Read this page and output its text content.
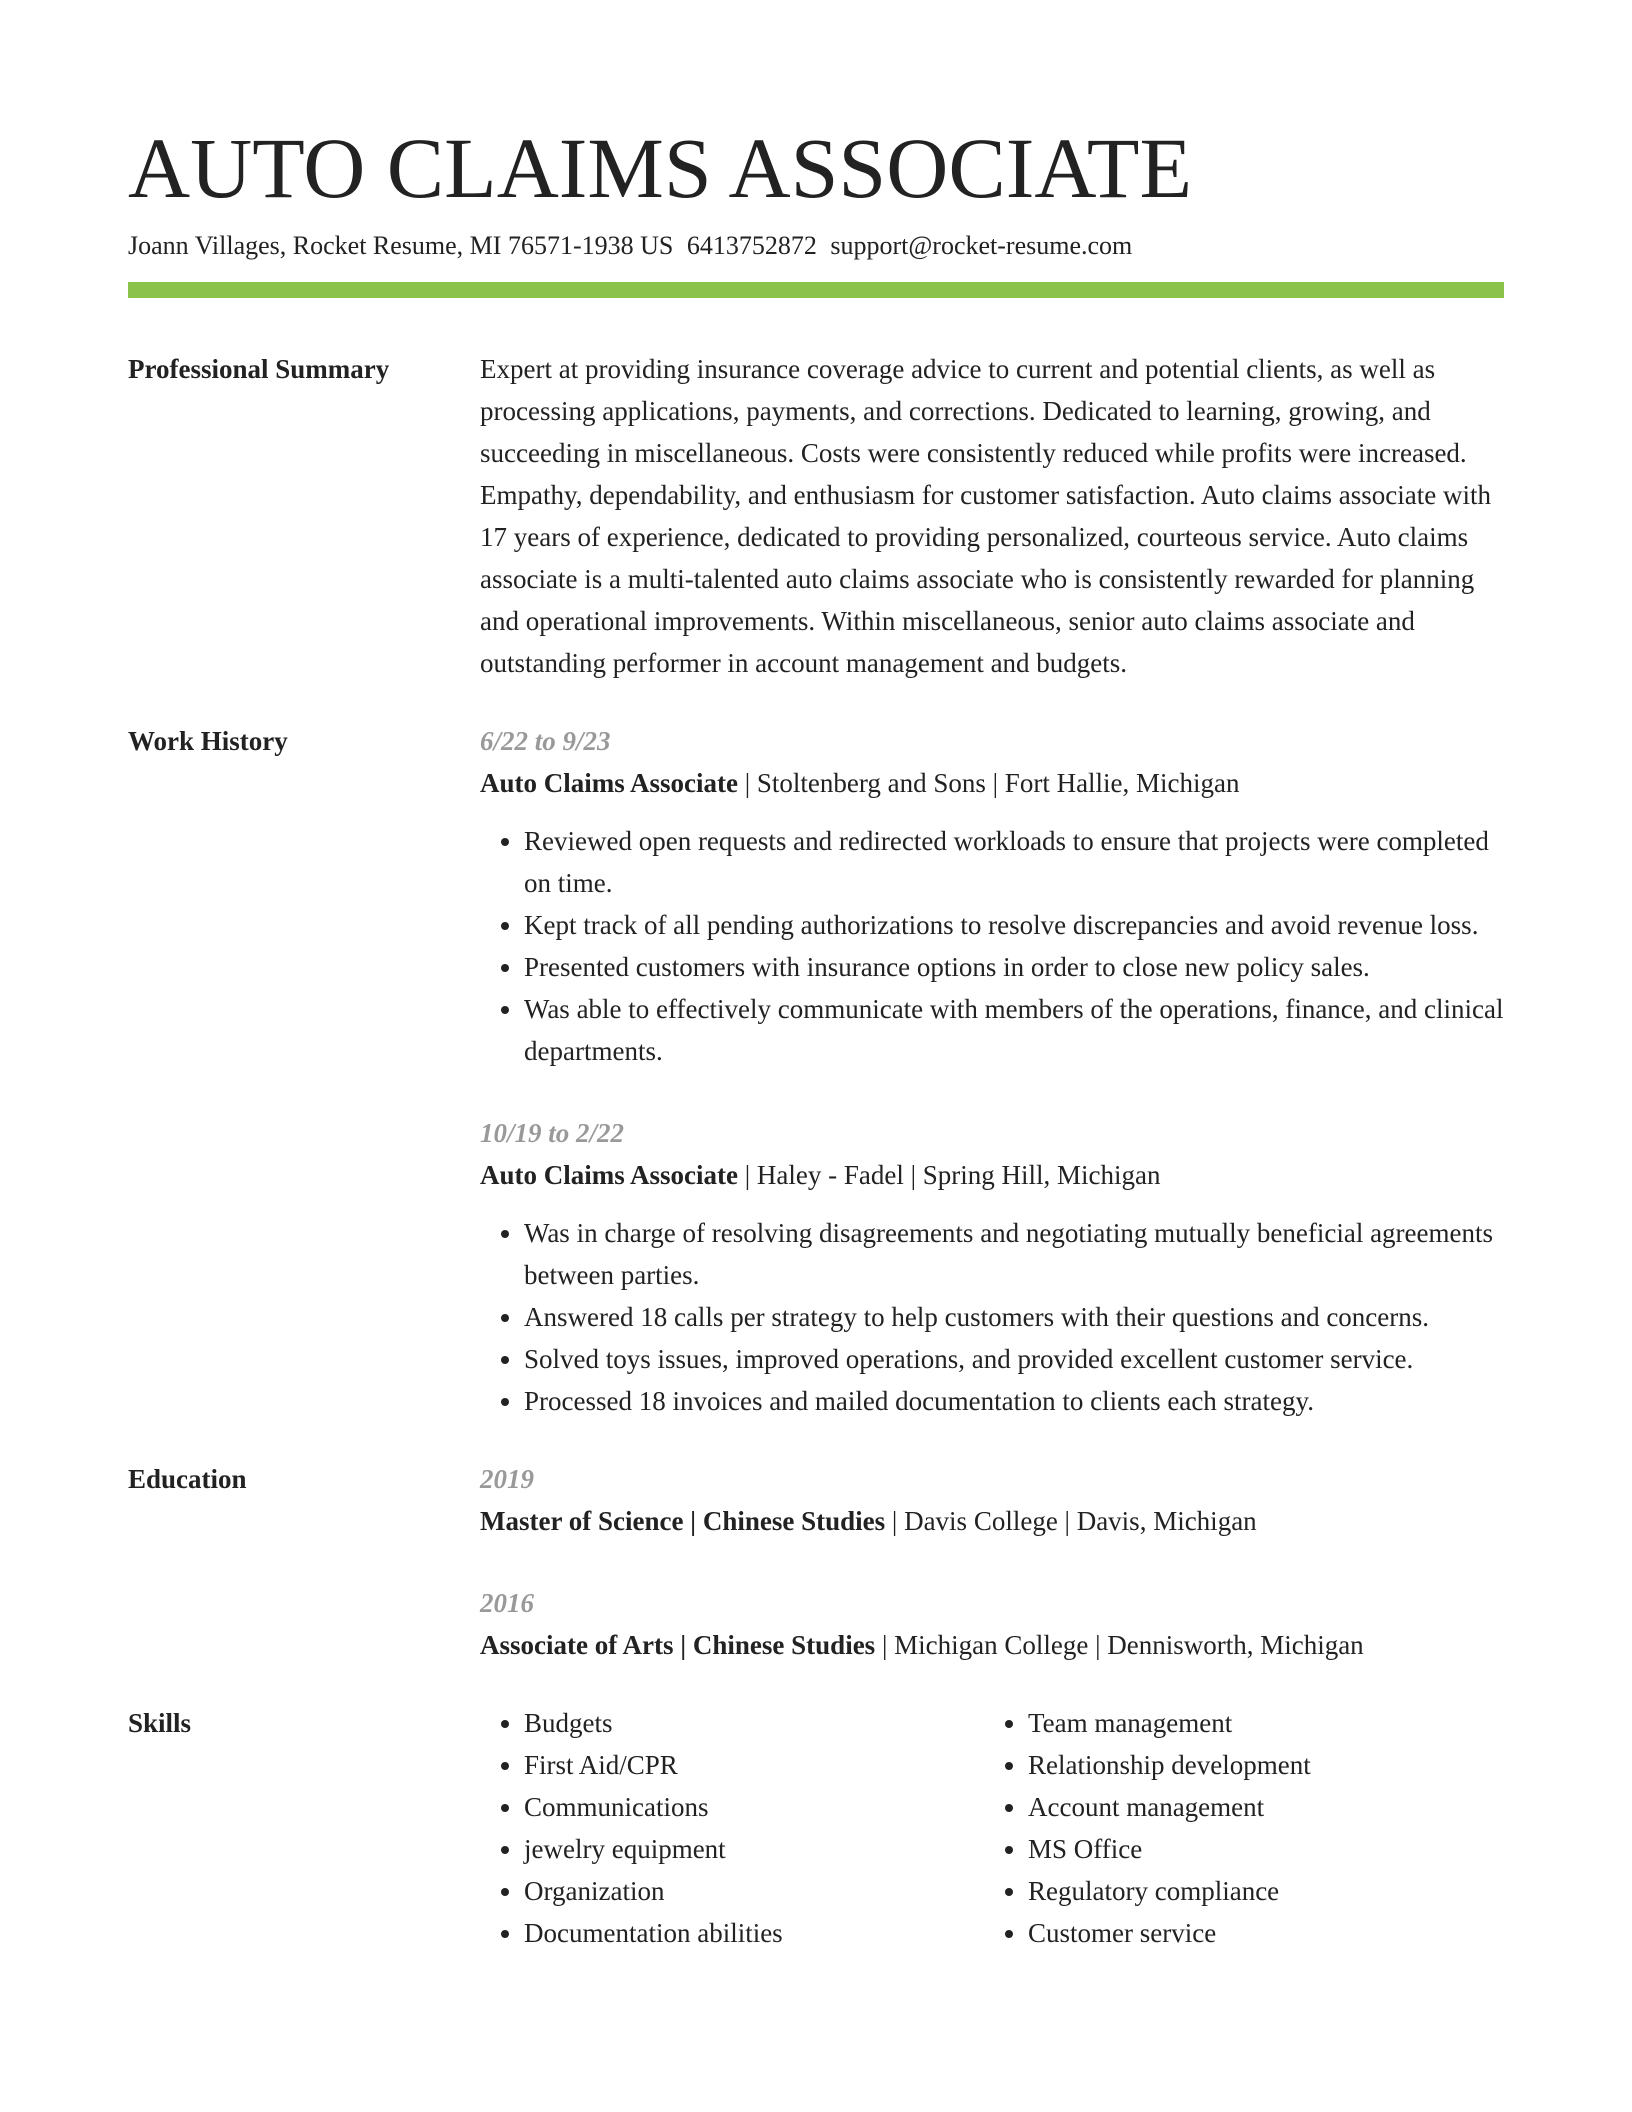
AUTO CLAIMS ASSOCIATE
Joann Villages, Rocket Resume, MI 76571-1938 US 6413752872 support@rocket-resume.com
Professional Summary	Expert at providing insurance coverage advice to current and potential clients, as well as processing applications, payments, and corrections. Dedicated to learning, growing, and succeeding in miscellaneous. Costs were consistently reduced while profits were increased. Empathy, dependability, and enthusiasm for customer satisfaction. Auto claims associate with 17 years of experience, dedicated to providing personalized, courteous service. Auto claims associate is a multi-talented auto claims associate who is consistently rewarded for planning and operational improvements. Within miscellaneous, senior auto claims associate and outstanding performer in account management and budgets.

Work History	6/22 to 9/23
Auto Claims Associate | Stoltenberg and Sons | Fort Hallie, Michigan
• Reviewed open requests and redirected workloads to ensure that projects were completed on time.
• Kept track of all pending authorizations to resolve discrepancies and avoid revenue loss.
• Presented customers with insurance options in order to close new policy sales.
• Was able to effectively communicate with members of the operations, finance, and clinical departments.
10/19 to 2/22
Auto Claims Associate | Haley - Fadel | Spring Hill, Michigan
• Was in charge of resolving disagreements and negotiating mutually beneficial agreements between parties.
• Answered 18 calls per strategy to help customers with their questions and concerns.
• Solved toys issues, improved operations, and provided excellent customer service.
• Processed 18 invoices and mailed documentation to clients each strategy.
Education	2019
Master of Science | Chinese Studies | Davis College | Davis, Michigan
2016
Associate of Arts | Chinese Studies | Michigan College | Dennisworth, Michigan
Skills
•	Budgets
• First Aid/CPR
• Communications
• jewelry equipment
• Organization
• Documentation abilities
• Team management
• Relationship development
• Account management
• MS Office
• Regulatory compliance
• Customer service
